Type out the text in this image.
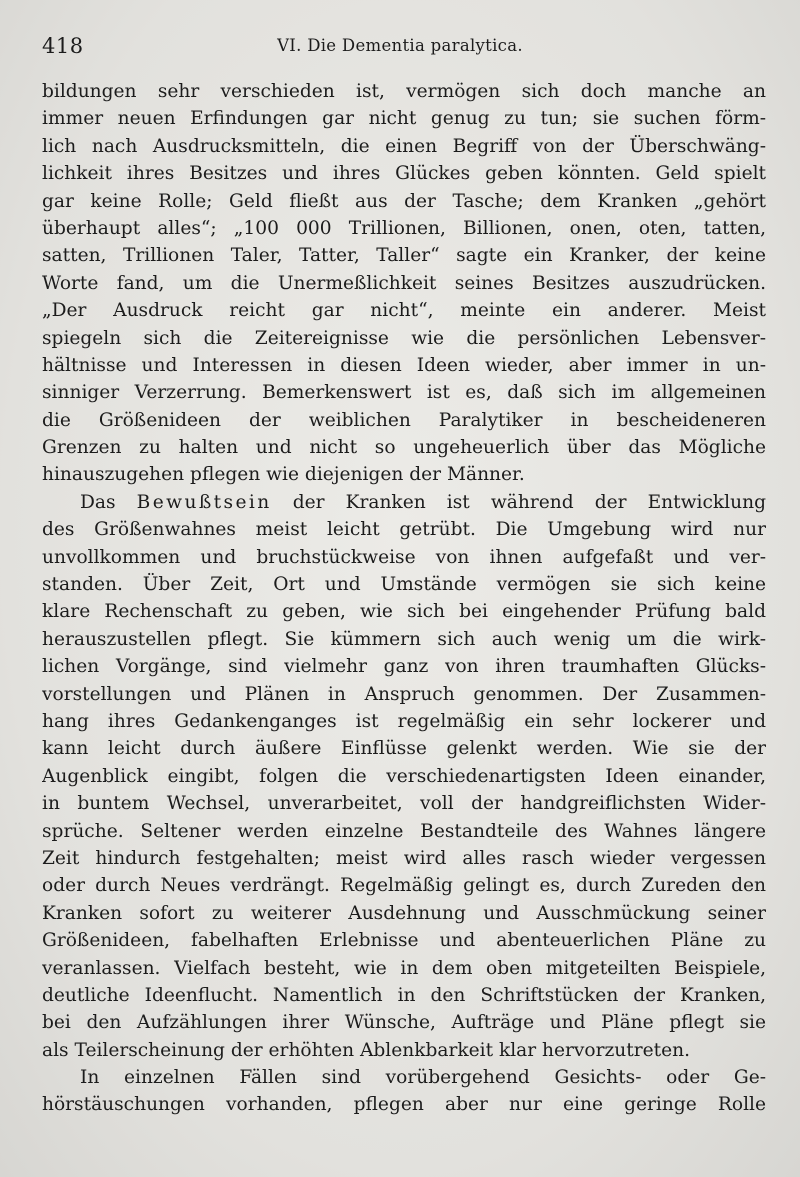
418	VI. Die Dementia paralytica.
bildungen sehr verschieden ist, vermögen sich doch manche an
immer neuen Erfindungen gar nicht genug zu tun; sie suchen förm-
lich nach Ausdrucksmitteln, die einen Begriff von der Überschwäng-
lichkeit ihres Besitzes und ihres Glückes geben könnten. Geld spielt
gar keine Rolle; Geld fließt aus der Tasche; dem Kranken „gehört
überhaupt alles“; „100 000 Trillionen, Billionen, onen, oten, tatten,
satten, Trillionen Taler, Tatter, Taller“ sagte ein Kranker, der keine
Worte fand, um die Unermeßlichkeit seines Besitzes auszudrücken.
„Der Ausdruck reicht gar nicht“, meinte ein anderer. Meist
spiegeln sich die Zeitereignisse wie die persönlichen Lebensver-
hältnisse und Interessen in diesen Ideen wieder, aber immer in un-
sinniger Verzerrung. Bemerkenswert ist es, daß sich im allgemeinen
die Größenideen der weiblichen Paralytiker in bescheideneren
Grenzen zu halten und nicht so ungeheuerlich über das Mögliche
hinauszugehen pflegen wie diejenigen der Männer.
Das Bewußtsein der Kranken ist während der Entwicklung
des Größenwahnes meist leicht getrübt. Die Umgebung wird nur
unvollkommen und bruchstückweise von ihnen aufgefaßt und ver-
standen. Über Zeit, Ort und Umstände vermögen sie sich keine
klare Rechenschaft zu geben, wie sich bei eingehender Prüfung bald
herauszustellen pflegt. Sie kümmern sich auch wenig um die wirk-
lichen Vorgänge, sind vielmehr ganz von ihren traumhaften Glücks-
vorstellungen und Plänen in Anspruch genommen. Der Zusammen-
hang ihres Gedankenganges ist regelmäßig ein sehr lockerer und
kann leicht durch äußere Einflüsse gelenkt werden. Wie sie der
Augenblick eingibt, folgen die verschiedenartigsten Ideen einander,
in buntem Wechsel, unverarbeitet, voll der handgreiflichsten Wider-
sprüche. Seltener werden einzelne Bestandteile des Wahnes längere
Zeit hindurch festgehalten; meist wird alles rasch wieder vergessen
oder durch Neues verdrängt. Regelmäßig gelingt es, durch Zureden den
Kranken sofort zu weiterer Ausdehnung und Ausschmückung seiner
Größenideen, fabelhaften Erlebnisse und abenteuerlichen Pläne zu
veranlassen. Vielfach besteht, wie in dem oben mitgeteilten Beispiele,
deutliche Ideenflucht. Namentlich in den Schriftstücken der Kranken,
bei den Aufzählungen ihrer Wünsche, Aufträge und Pläne pflegt sie
als Teilerscheinung der erhöhten Ablenkbarkeit klar hervorzutreten.
In einzelnen Fällen sind vorübergehend Gesichts- oder Ge-
hörstäuschungen vorhanden, pflegen aber nur eine geringe Rolle
